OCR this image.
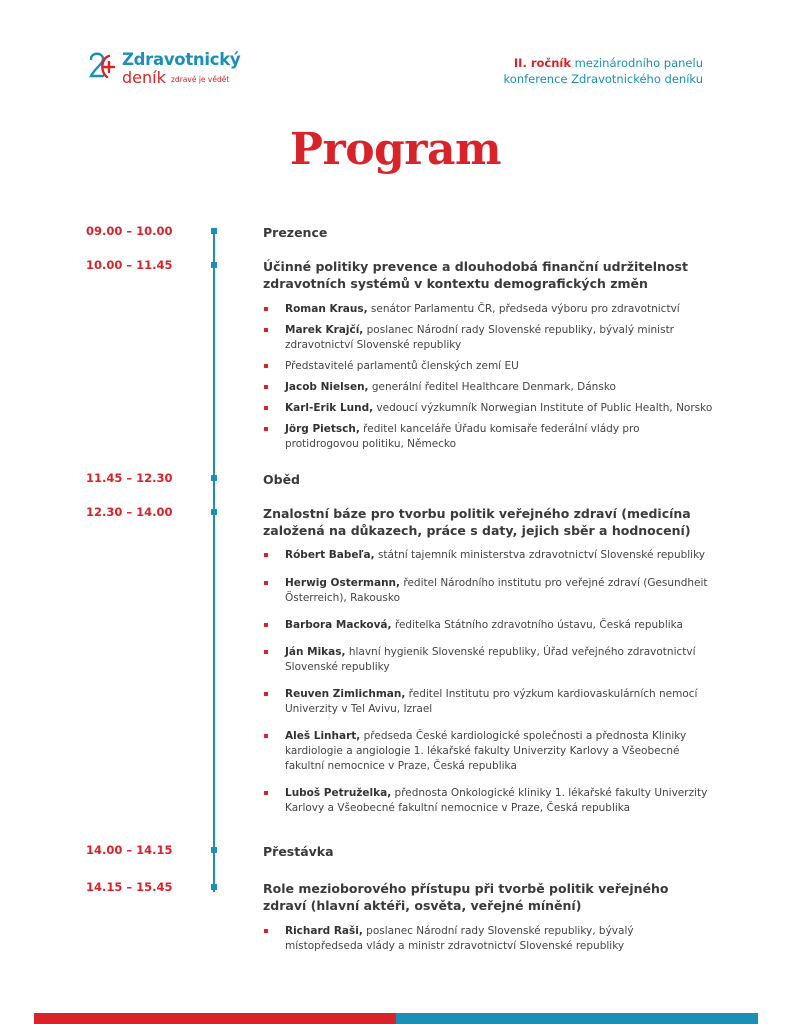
Zdravotnický
deník zdravé je vědět
II. ročník mezinárodního panelu
konference Zdravotnického deníku
Program
09.00 – 10.00	Prezence
10.00 – 11.45	Účinné politiky prevence a dlouhodobá finanční udržitelnost zdravotních systémů v kontextu demografických změn
Roman Kraus, senátor Parlamentu ČR, předseda výboru pro zdravotnictví
Marek Krajčí, poslanec Národní rady Slovenské republiky, bývalý ministr zdravotnictví Slovenské republiky
Představitelé parlamentů členských zemí EU
Jacob Nielsen, generální ředitel Healthcare Denmark, Dánsko
Karl-Erik Lund, vedoucí výzkumník Norwegian Institute of Public Health, Norsko
Jörg Pietsch, ředitel kanceláře Úřadu komisaře federální vlády pro protidrogovou politiku, Německo
11.45 – 12.30	Oběd
12.30 – 14.00	Znalostní báze pro tvorbu politik veřejného zdraví (medicína založená na důkazech, práce s daty, jejich sběr a hodnocení)
Róbert Babeľa, státní tajemník ministerstva zdravotnictví Slovenské republiky
Herwig Ostermann, ředitel Národního institutu pro veřejné zdraví (Gesundheit Österreich), Rakousko
Barbora Macková, ředitelka Státního zdravotního ústavu, Česká republika
Ján Mikas, hlavní hygienik Slovenské republiky, Úřad veřejného zdravotnictví Slovenské republiky
Reuven Zimlichman, ředitel Institutu pro výzkum kardiovaskulárních nemocí Univerzity v Tel Avivu, Izrael
Aleš Linhart, předseda České kardiologické společnosti a přednosta Kliniky kardiologie a angiologie 1. lékařské fakulty Univerzity Karlovy a Všeobecné fakultní nemocnice v Praze, Česká republika
Luboš Petruželka, přednosta Onkologické kliniky 1. lékařské fakulty Univerzity Karlovy a Všeobecné fakultní nemocnice v Praze, Česká republika
14.00 – 14.15	Přestávka
14.15 – 15.45	Role mezioborového přístupu při tvorbě politik veřejného zdraví (hlavní aktéři, osvěta, veřejné mínění)
Richard Raši, poslanec Národní rady Slovenské republiky, bývalý místopředseda vlády a ministr zdravotnictví Slovenské republiky
